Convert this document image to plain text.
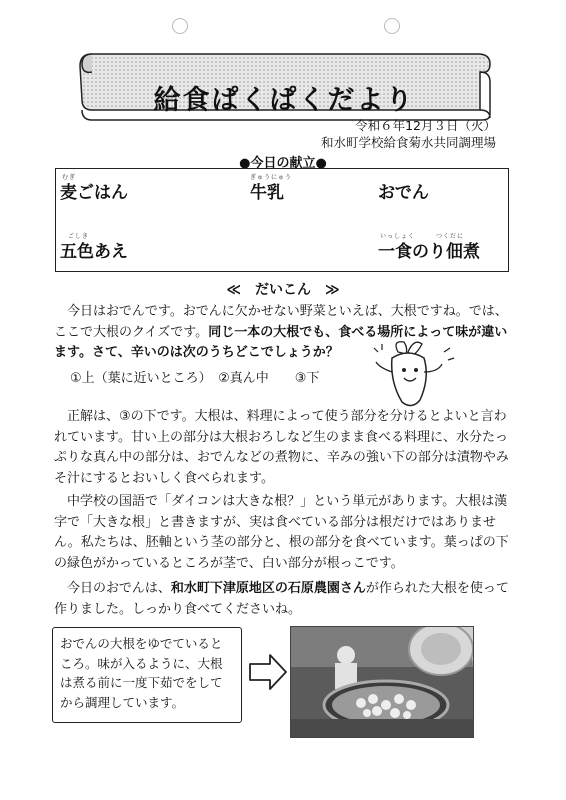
給食ぱくぱくだより
令和６年12月３日（火）
和水町学校給食菊水共同調理場
●今日の献立●
むぎ
麦ごはん
ぎゅうにゅう
牛乳	おでん
ごしき
五色あえ
いっしょく　　　つくだに
一食のり佃煮
≪　だいこん　≫
今日はおでんです。おでんに欠かせない野菜といえば、大根ですね。では、ここで大根のクイズです。同じ一本の大根でも、食べる場所によって味が違います。さて、辛いのは次のうちどこでしょうか？
①上（葉に近いところ）　②真ん中　　③下
正解は、③の下です。大根は、料理によって使う部分を分けるとよいと言われています。甘い上の部分は大根おろしなど生のまま食べる料理に、水分たっぷりな真ん中の部分は、おでんなどの煮物に、辛みの強い下の部分は漬物やみそ汁にするとおいしく食べられます。
中学校の国語で「ダイコンは大きな根？」という単元があります。大根は漢字で「大きな根」と書きますが、実は食べている部分は根だけではありません。私たちは、胚軸という茎の部分と、根の部分を食べています。葉っぱの下の緑色がかっているところが茎で、白い部分が根っこです。
今日のおでんは、和水町下津原地区の石原農園さんが作られた大根を使って作りました。しっかり食べてくださいね。
おでんの大根をゆでているところ。味が入るように、大根は煮る前に一度下茹でをしてから調理しています。
